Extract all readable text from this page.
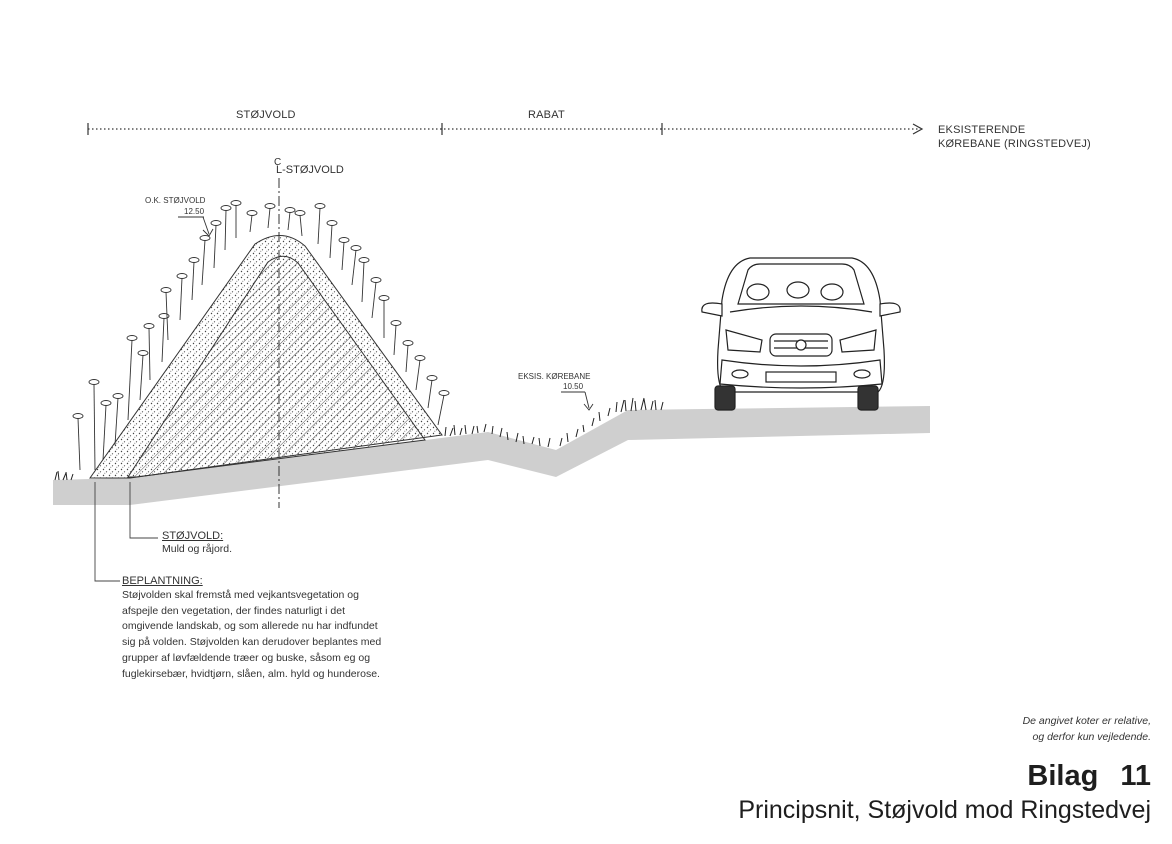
STØJVOLD	RABAT
EKSISTERENDE
KØREBANE (RINGSTEDVEJ)
C
L-STØJVOLD
O.K. STØJVOLD
12.50
EKSIS. KØREBANE
10.50
STØJVOLD:
Muld og råjord.
BEPLANTNING:
Støjvolden skal fremstå med vejkantsvegetation og
afspejle den vegetation, der findes naturligt i det
omgivende landskab, og som allerede nu har indfundet
sig på volden. Støjvolden kan derudover beplantes med
grupper af løvfældende træer og buske, såsom eg og
fuglekirsebær, hvidtjørn, slåen, alm. hyld og hunderose.
De angivet koter er relative,
og derfor kun vejledende.
Bilag 11
Principsnit, Støjvold mod Ringstedvej
